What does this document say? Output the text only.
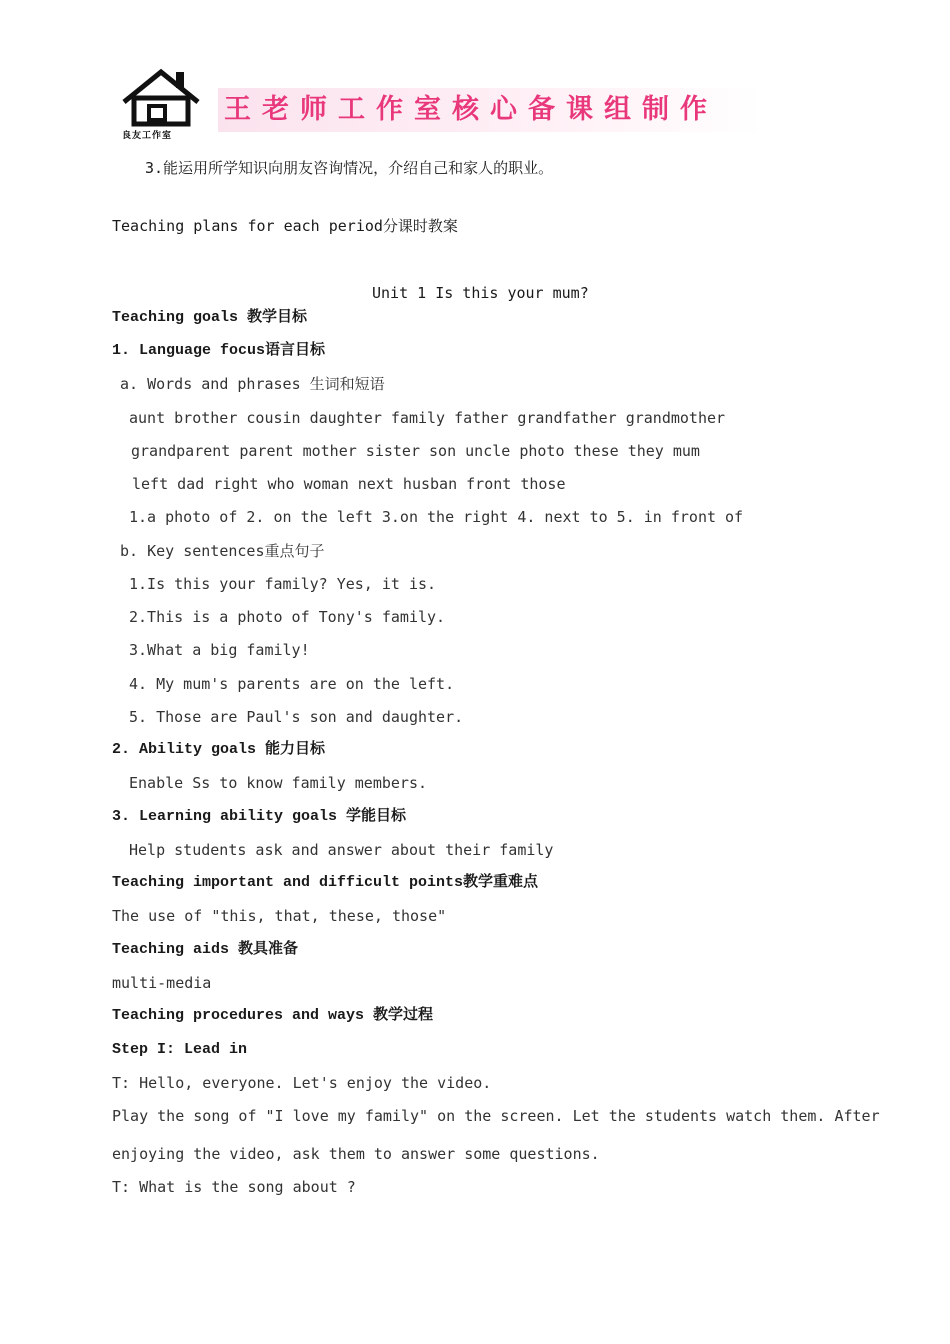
良友工作室
王老师工作室核心备课组制作
3.能运用所学知识向朋友咨询情况，介绍自己和家人的职业。
Teaching plans for each period分课时教案
Unit 1 Is this your mum?
Teaching goals 教学目标
1. Language focus语言目标
a. Words and phrases 生词和短语
aunt brother cousin daughter family father grandfather grandmother
grandparent parent mother sister son uncle photo these they mum
left dad right who woman next husban front those
1.a photo of 2. on the left 3.on the right 4. next to 5. in front of
b. Key sentences重点句子
1.Is this your family? Yes, it is.
2.This is a photo of Tony's family.
3.What a big family!
4. My mum's parents are on the left.
5. Those are Paul's son and daughter.
2. Ability goals 能力目标
Enable Ss to know family members.
3. Learning ability goals 学能目标
Help students ask and answer about their family
Teaching important and difficult points教学重难点
The use of "this, that, these, those"
Teaching aids 教具准备
multi-media
Teaching procedures and ways 教学过程
Step I: Lead in
T: Hello, everyone. Let's enjoy the video.
Play the song of "I love my family" on the screen. Let the students watch them. After
enjoying the video, ask them to answer some questions.
T: What is the song about ?
